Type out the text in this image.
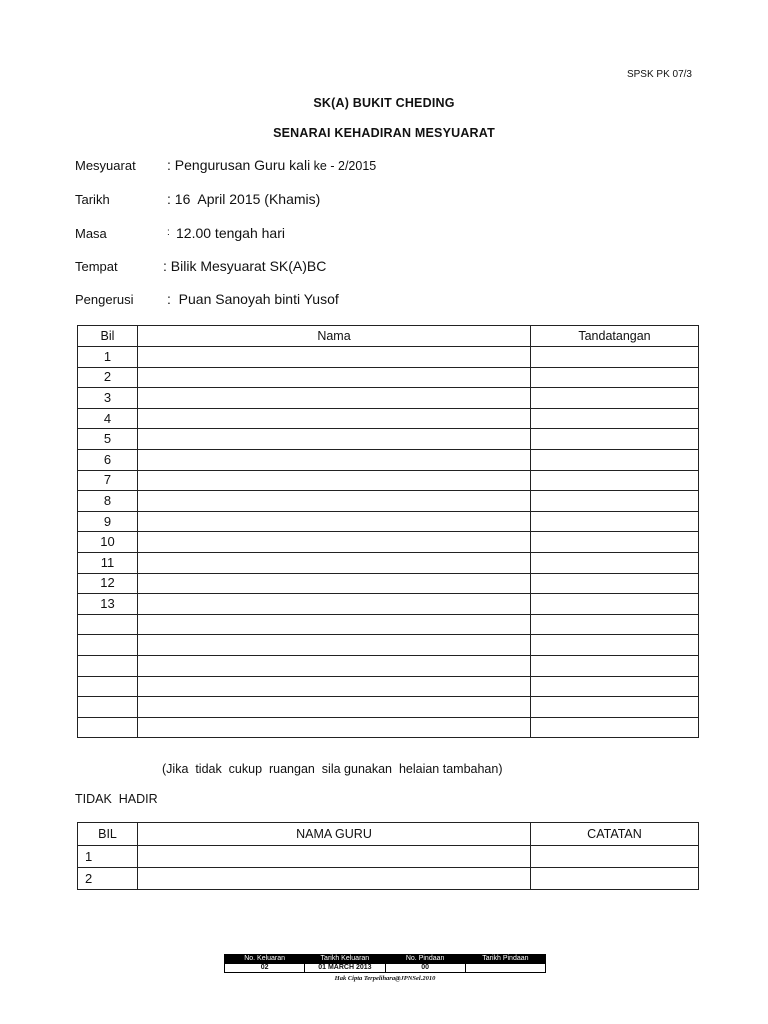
SPSK PK 07/3
SK(A) BUKIT CHEDING
SENARAI KEHADIRAN MESYUARAT
Mesyuarat : Pengurusan Guru kali ke - 2/2015
Tarikh	: 16  April 2015 (Khamis)
Masa	: 12.00 tengah hari
Tempat	: Bilik Mesyuarat SK(A)BC
Pengerusi :  Puan Sanoyah binti Yusof
Bil	Nama	Tandatangan
1		
2		
3		
4		
5		
6		
7		
8		
9		
10		
11		
12		
13		

(Jika  tidak  cukup  ruangan  sila gunakan  helaian tambahan)
TIDAK  HADIR
BIL	NAMA GURU	CATATAN
1		
2		
No. Keluaran	Tarikh Keluaran	No. Pindaan	Tarikh Pindaan
02	01 MARCH 2013	00	
Hak Cipta Terpelihara@JPNSel.2010
